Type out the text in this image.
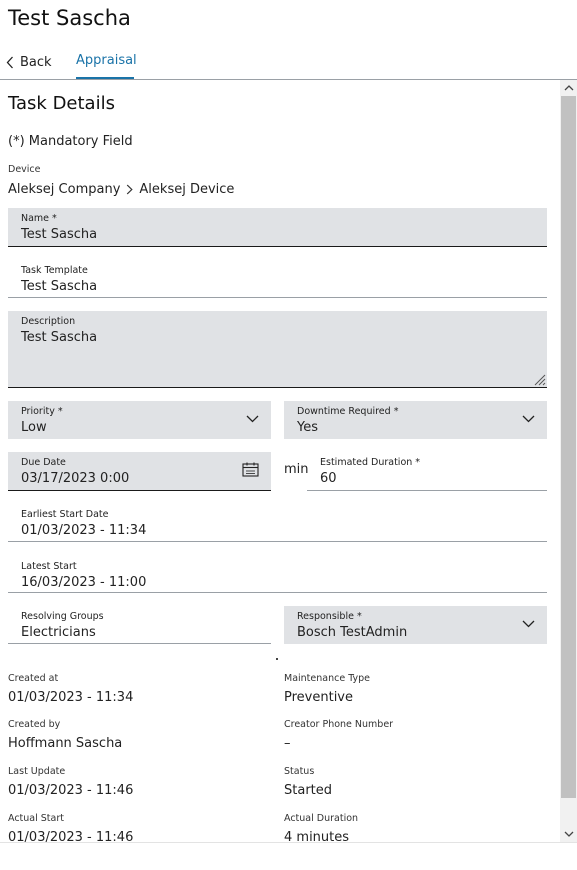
Test Sascha
Back Appraisal
Task Details
(*) Mandatory Field
Device
Aleksej Company Aleksej Device
Name *
Test Sascha
Task Template
Test Sascha
Description
Test Sascha
Priority *
Low
Downtime Required *
Yes
Due Date
03/17/2023 0:00
min Estimated Duration *
60
Earliest Start Date
01/03/2023 - 11:34
Latest Start
16/03/2023 - 11:00
Resolving Groups
Electricians
Responsible *
Bosch TestAdmin
Created at
01/03/2023 - 11:34
Maintenance Type
Preventive
Created by
Hoffmann Sascha
Creator Phone Number
–
Last Update
01/03/2023 - 11:46
Status
Started
Actual Start
01/03/2023 - 11:46
Actual Duration
4 minutes
